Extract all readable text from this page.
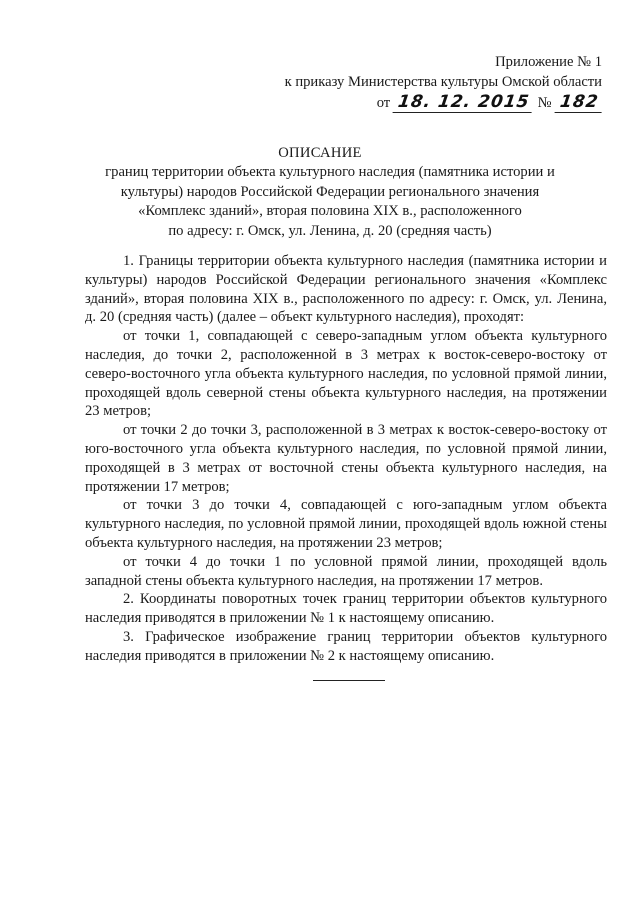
Приложение № 1
к приказу Министерства культуры Омской области
от 18. 12. 2015 № 182
ОПИСАНИЕ
границ территории объекта культурного наследия (памятника истории и
культуры) народов Российской Федерации регионального значения
«Комплекс зданий», вторая половина XIX в., расположенного
по адресу: г. Омск, ул. Ленина, д. 20 (средняя часть)

1. Границы территории объекта культурного наследия (памятника истории и культуры) народов Российской Федерации регионального значения «Комплекс зданий», вторая половина XIX в., расположенного по адресу: г. Омск, ул. Ленина, д. 20 (средняя часть) (далее – объект культурного наследия), проходят:

от точки 1, совпадающей с северо-западным углом объекта культурного наследия, до точки 2, расположенной в 3 метрах к восток-северо-востоку от северо-восточного угла объекта культурного наследия, по условной прямой линии, проходящей вдоль северной стены объекта культурного наследия, на протяжении 23 метров;

от точки 2 до точки 3, расположенной в 3 метрах к восток-северо-востоку от юго-восточного угла объекта культурного наследия, по условной прямой линии, проходящей в 3 метрах от восточной стены объекта культурного наследия, на протяжении 17 метров;

от точки 3 до точки 4, совпадающей с юго-западным углом объекта культурного наследия, по условной прямой линии, проходящей вдоль южной стены объекта культурного наследия, на протяжении 23 метров;

от точки 4 до точки 1 по условной прямой линии, проходящей вдоль западной стены объекта культурного наследия, на протяжении 17 метров.

2. Координаты поворотных точек границ территории объектов культурного наследия приводятся в приложении № 1 к настоящему описанию.

3. Графическое изображение границ территории объектов культурного наследия приводятся в приложении № 2 к настоящему описанию.
